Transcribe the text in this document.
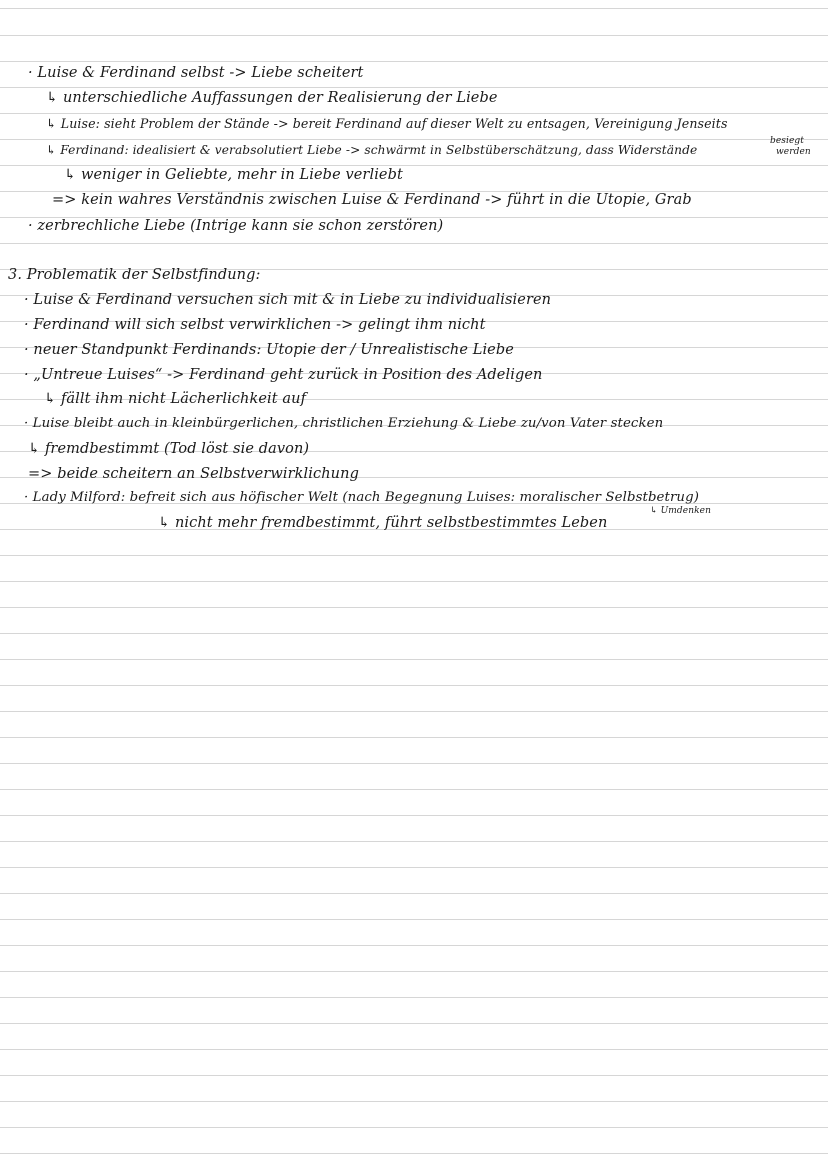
· Luise & Ferdinand selbst -> Liebe scheitert
↳ unterschiedliche Auffassungen der Realisierung der Liebe
↳ Luise: sieht Problem der Stände -> bereit Ferdinand auf dieser Welt zu entsagen, Vereinigung Jenseits
↳ Ferdinand: idealisiert & verabsolutiert Liebe -> schwärmt in Selbstüberschätzung, dass Widerstände
besiegt
werden
↳ weniger in Geliebte, mehr in Liebe verliebt
=> kein wahres Verständnis zwischen Luise & Ferdinand -> führt in die Utopie, Grab
· zerbrechliche Liebe (Intrige kann sie schon zerstören)
3. Problematik der Selbstfindung:
· Luise & Ferdinand versuchen sich mit & in Liebe zu individualisieren
· Ferdinand will sich selbst verwirklichen -> gelingt ihm nicht
· neuer Standpunkt Ferdinands: Utopie der / Unrealistische Liebe
· „Untreue Luises“ -> Ferdinand geht zurück in Position des Adeligen
↳ fällt ihm nicht Lächerlichkeit auf
· Luise bleibt auch in kleinbürgerlichen, christlichen Erziehung & Liebe zu/von Vater stecken
↳ fremdbestimmt (Tod löst sie davon)
=> beide scheitern an Selbstverwirklichung
· Lady Milford: befreit sich aus höfischer Welt (nach Begegnung Luises: moralischer Selbstbetrug)
↳ Umdenken
↳ nicht mehr fremdbestimmt, führt selbstbestimmtes Leben
